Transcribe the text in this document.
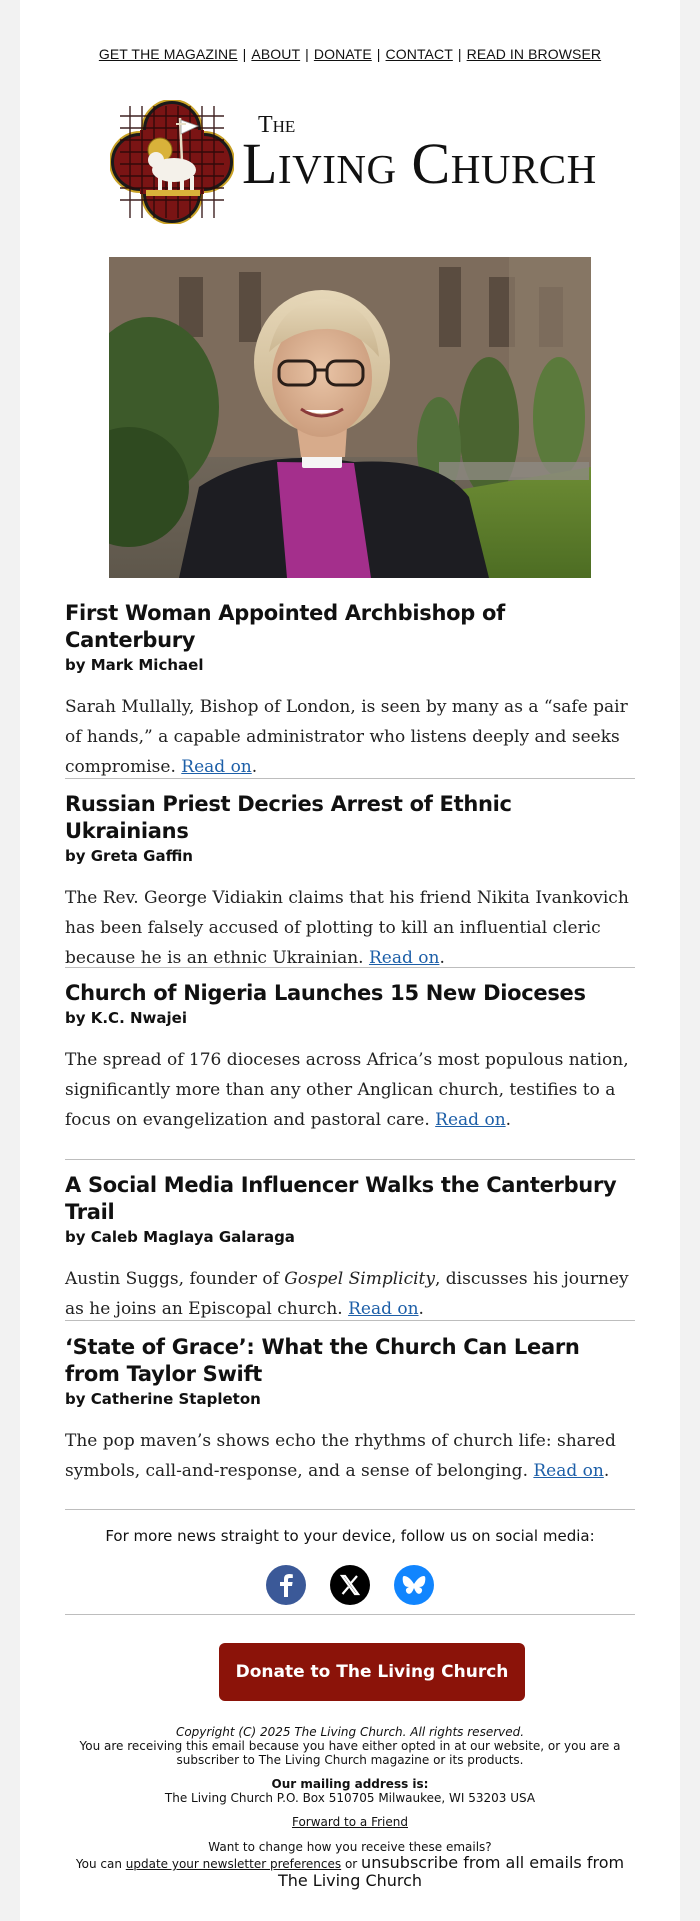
GET THE MAGAZINE | ABOUT | DONATE | CONTACT | READ IN BROWSER
The
Living Church
First Woman Appointed Archbishop of Canterbury
by Mark Michael

Sarah Mullally, Bishop of London, is seen by many as a “safe pair of hands,” a capable administrator who listens deeply and seeks compromise. Read on.

Russian Priest Decries Arrest of Ethnic Ukrainians
by Greta Gaffin

The Rev. George Vidiakin claims that his friend Nikita Ivankovich has been falsely accused of plotting to kill an influential cleric because he is an ethnic Ukrainian. Read on.

Church of Nigeria Launches 15 New Dioceses
by K.C. Nwajei

The spread of 176 dioceses across Africa’s most populous nation, significantly more than any other Anglican church, testifies to a focus on evangelization and pastoral care. Read on.

A Social Media Influencer Walks the Canterbury Trail
by Caleb Maglaya Galaraga

Austin Suggs, founder of Gospel Simplicity, discusses his journey as he joins an Episcopal church. Read on.

‘State of Grace’: What the Church Can Learn from Taylor Swift
by Catherine Stapleton

The pop maven’s shows echo the rhythms of church life: shared symbols, call-and-response, and a sense of belonging. Read on.

For more news straight to your device, follow us on social media:
Donate to The Living Church
Copyright (C) 2025 The Living Church. All rights reserved.
You are receiving this email because you have either opted in at our website, or you are a subscriber to The Living Church magazine or its products.
Our mailing address is:
The Living Church P.O. Box 510705 Milwaukee, WI 53203 USA
Forward to a Friend
Want to change how you receive these emails?
You can update your newsletter preferences or unsubscribe from all emails from The Living Church
